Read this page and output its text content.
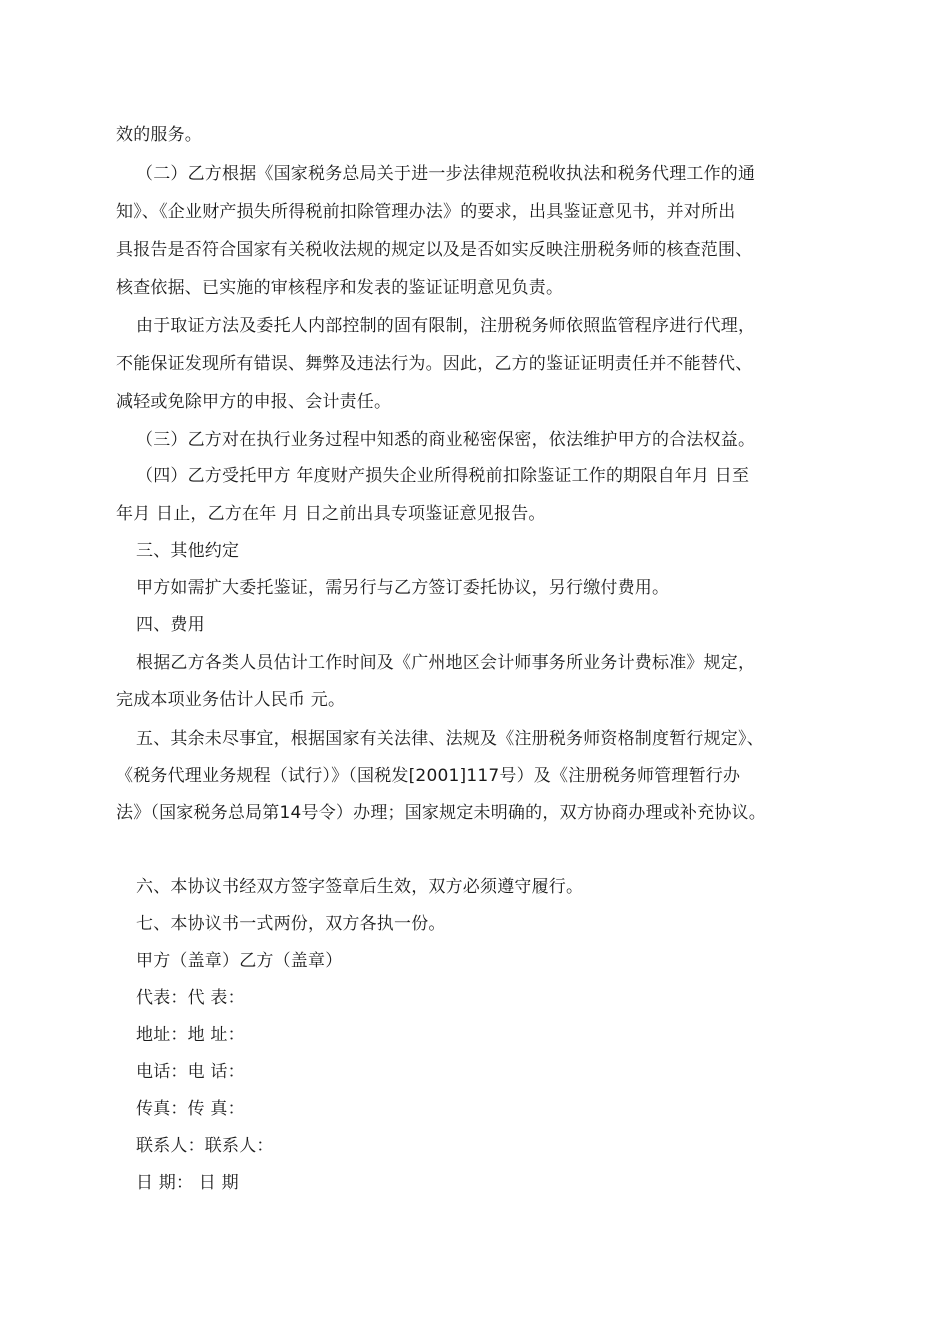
效的服务。
（二）乙方根据《国家税务总局关于进一步法律规范税收执法和税务代理工作的通
知》、《企业财产损失所得税前扣除管理办法》的要求，出具鉴证意见书，并对所出
具报告是否符合国家有关税收法规的规定以及是否如实反映注册税务师的核查范围、
核查依据、已实施的审核程序和发表的鉴证证明意见负责。
由于取证方法及委托人内部控制的固有限制，注册税务师依照监管程序进行代理，
不能保证发现所有错误、舞弊及违法行为。因此，乙方的鉴证证明责任并不能替代、
减轻或免除甲方的申报、会计责任。
（三）乙方对在执行业务过程中知悉的商业秘密保密，依法维护甲方的合法权益。
（四）乙方受托甲方 年度财产损失企业所得税前扣除鉴证工作的期限自年月 日至
年月 日止，乙方在年 月 日之前出具专项鉴证意见报告。
三、其他约定
甲方如需扩大委托鉴证，需另行与乙方签订委托协议，另行缴付费用。
四、费用
根据乙方各类人员估计工作时间及《广州地区会计师事务所业务计费标准》规定，
完成本项业务估计人民币 元。
五、其余未尽事宜，根据国家有关法律、法规及《注册税务师资格制度暂行规定》、
《税务代理业务规程（试行）》（国税发[2001]117号）及《注册税务师管理暂行办
法》（国家税务总局第14号令）办理；国家规定未明确的，双方协商办理或补充协议。
六、本协议书经双方签字签章后生效，双方必须遵守履行。
七、本协议书一式两份，双方各执一份。
甲方（盖章）乙方（盖章）
代表：代 表：
地址：地 址：
电话：电 话：
传真：传 真：
联系人：联系人：
日 期： 日 期
